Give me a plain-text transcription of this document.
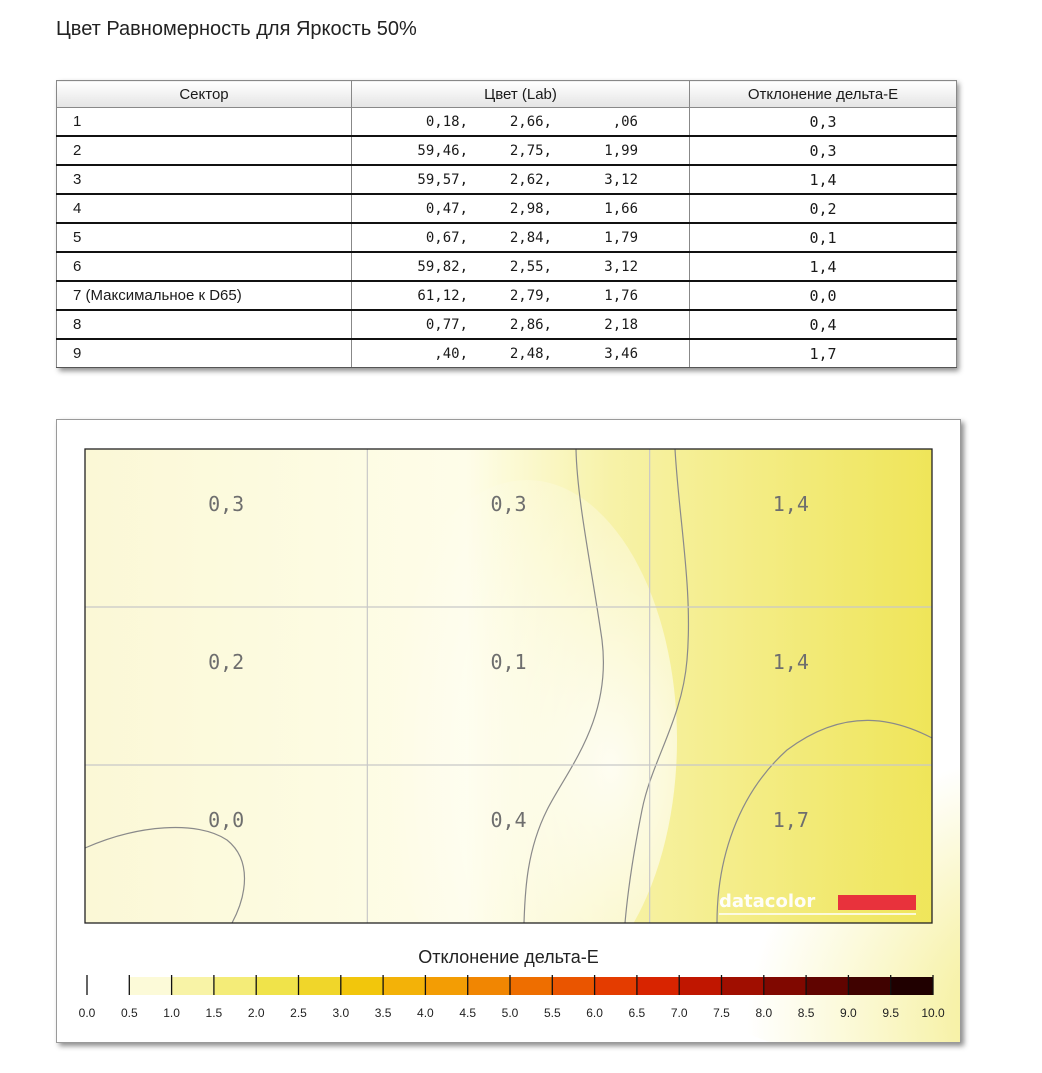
Цвет Равномерность для Яркость 50%
Сектор	Цвет (Lab)	Отклонение дельта-E
1	0,18, 2,66, ,06	0,3
2	59,46, 2,75, 1,99	0,3
3	59,57, 2,62, 3,12	1,4
4	0,47, 2,98, 1,66	0,2
5	0,67, 2,84, 1,79	0,1
6	59,82, 2,55, 3,12	1,4
7 (Максимальное к D65)	61,12, 2,79, 1,76	0,0
8	0,77, 2,86, 2,18	0,4
9	,40, 2,48, 3,46	1,7
0,3	0,3	1,4
0,2	0,1	1,4
0,0	0,4	1,7
datacolor
Отклонение дельта-E
0.0	0.5	1.0	1.5	2.0	2.5	3.0	3.5	4.0	4.5	5.0	5.5	6.0	6.5	7.0	7.5	8.0	8.5	9.0	9.5	10.0
